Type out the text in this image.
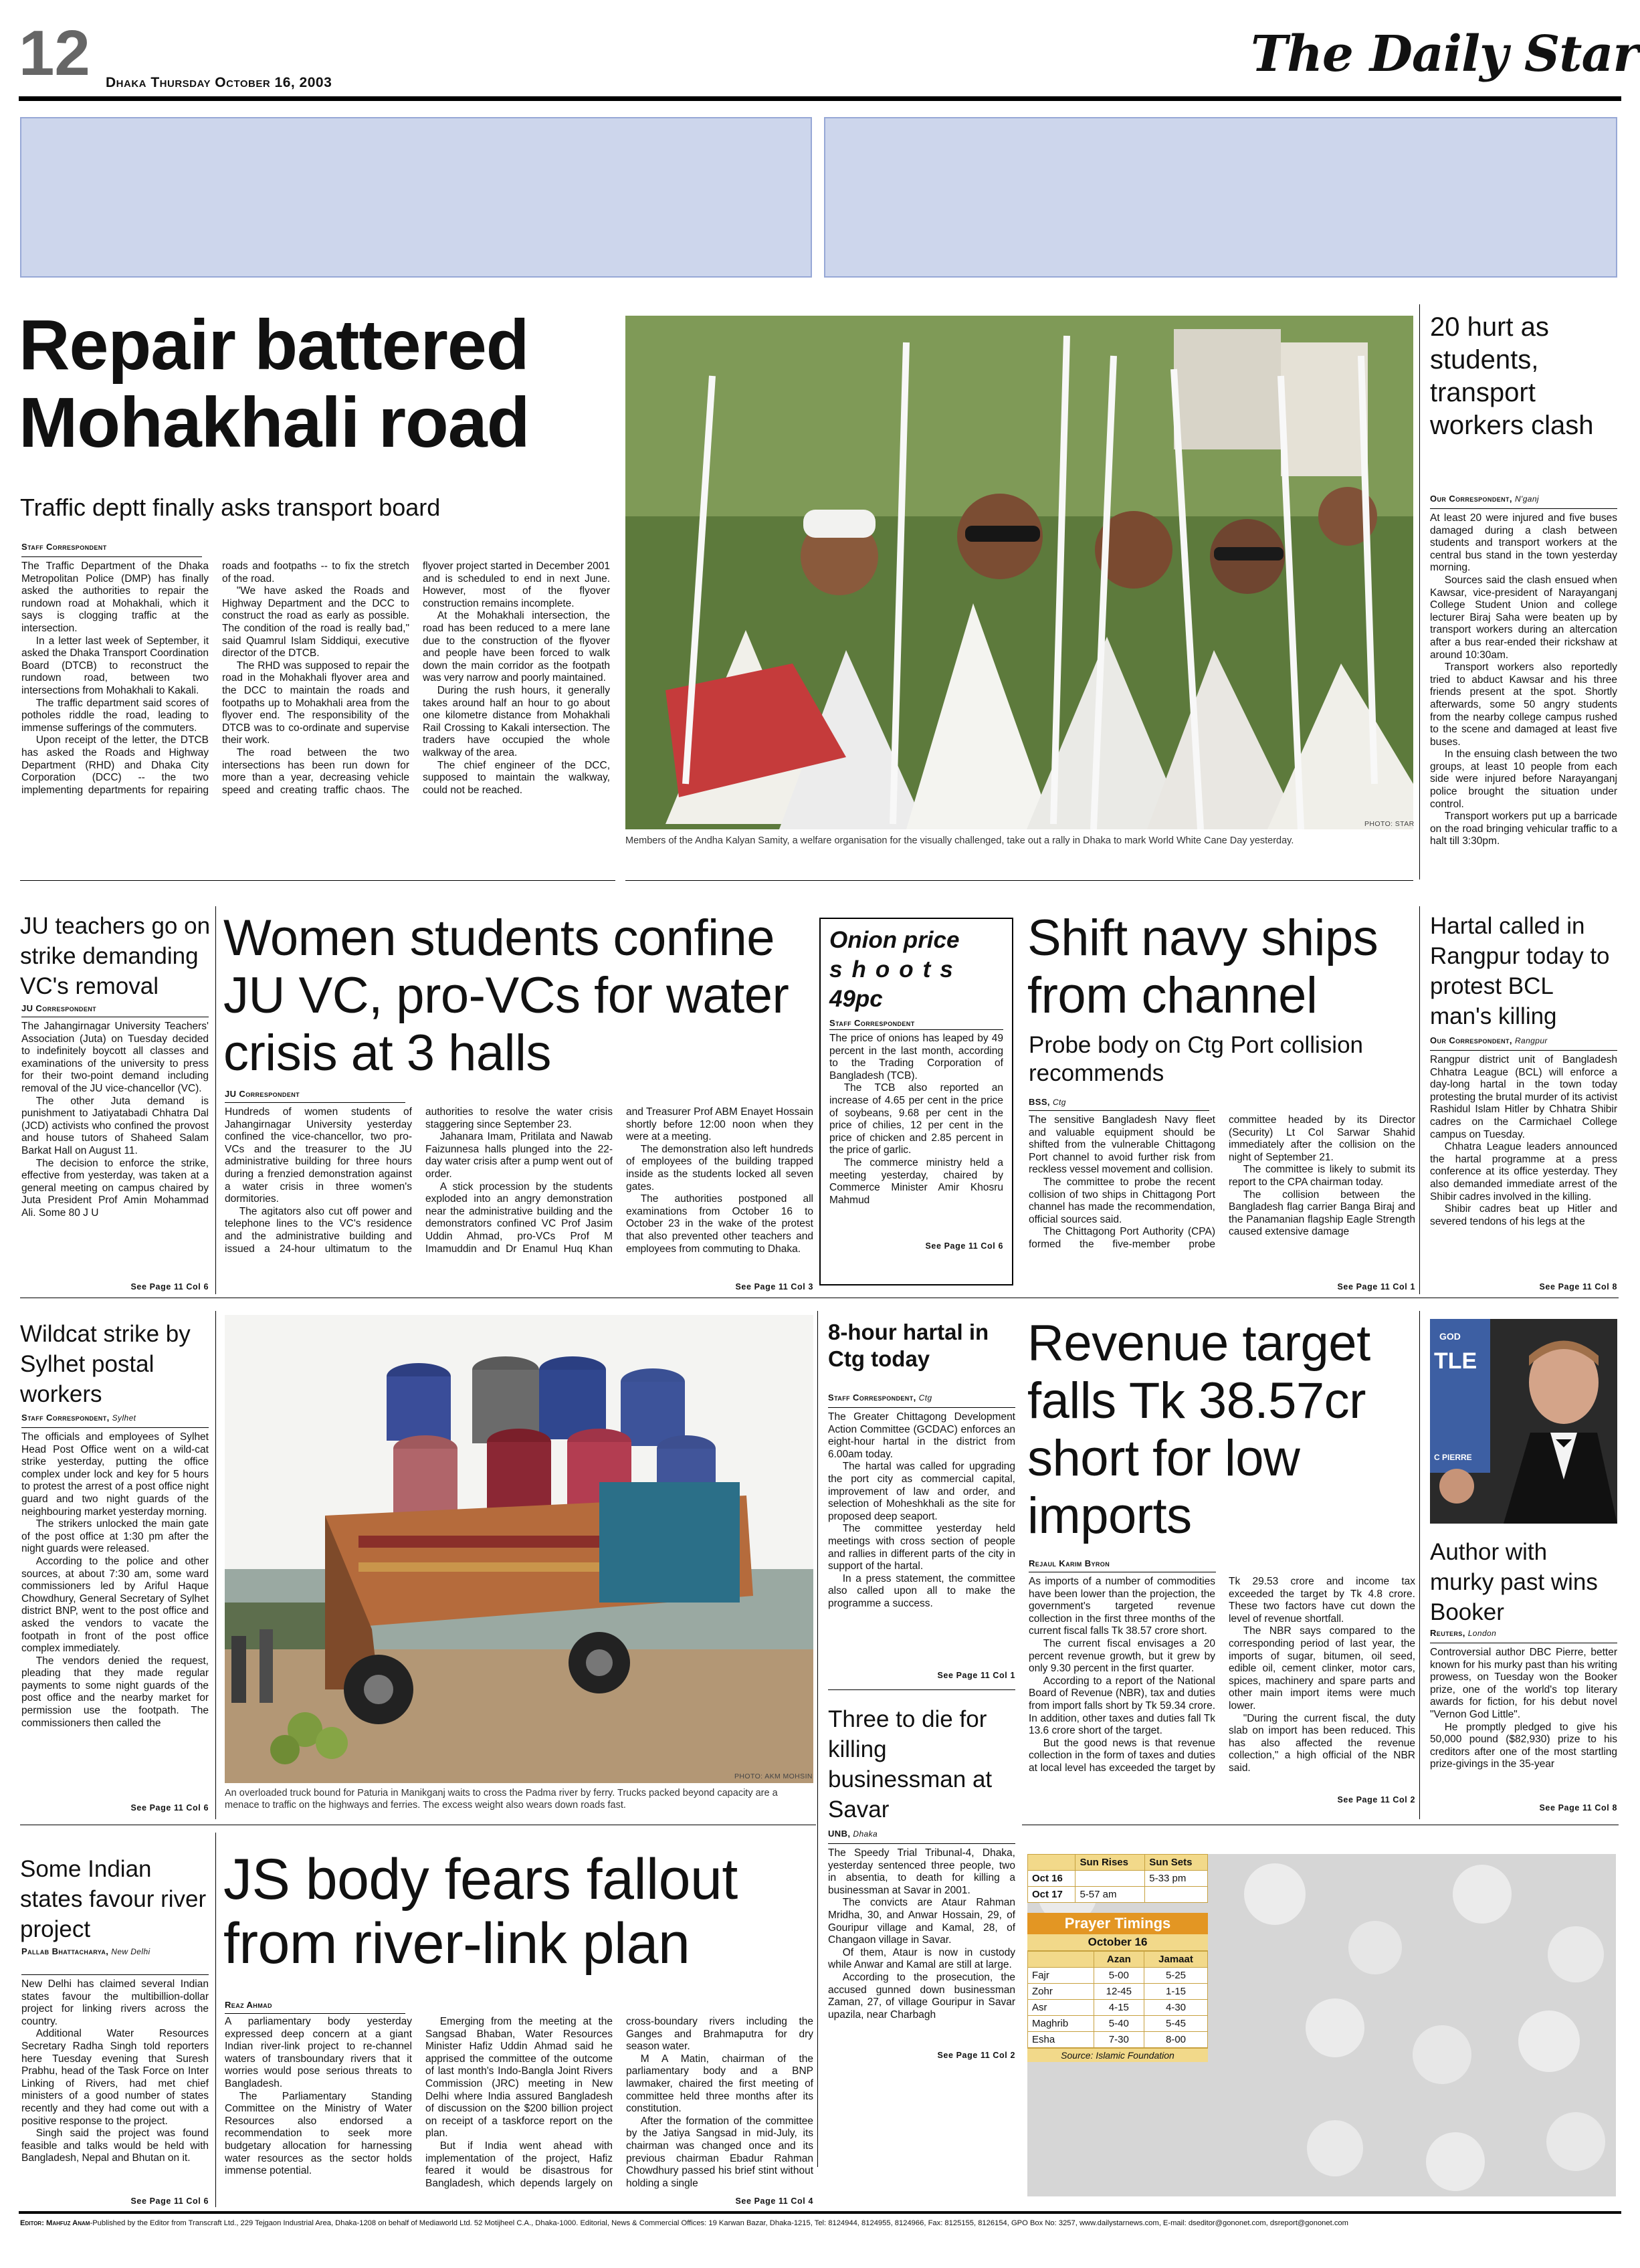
12 Dhaka Thursday October 16, 2003	The Daily Star
Repair battered
Mohakhali road
Traffic deptt finally asks transport board
Staff Correspondent

The Traffic Department of the Dhaka Metropolitan Police (DMP) has finally asked the authorities to repair the rundown road at Mohakhali, which it says is clogging traffic at the intersection.

In a letter last week of September, it asked the Dhaka Transport Coordination Board (DTCB) to reconstruct the rundown road, between two intersections from Mohakhali to Kakali.

The traffic department said scores of potholes riddle the road, leading to immense sufferings of the commuters.

Upon receipt of the letter, the DTCB has asked the Roads and Highway Department (RHD) and Dhaka City Corporation (DCC) -- the two implementing departments for repairing roads and footpaths -- to fix the stretch of the road.

"We have asked the Roads and Highway Department and the DCC to construct the road as early as possible. The condition of the road is really bad," said Quamrul Islam Siddiqui, executive director of the DTCB.

The RHD was supposed to repair the road in the Mohakhali flyover area and the DCC to maintain the roads and footpaths up to Mohakhali area from the flyover end. The responsibility of the DTCB was to co-ordinate and supervise their work.

The road between the two intersections has been run down for more than a year, decreasing vehicle speed and creating traffic chaos. The flyover project started in December 2001 and is scheduled to end in next June. However, most of the flyover construction remains incomplete.

At the Mohakhali intersection, the road has been reduced to a mere lane due to the construction of the flyover and people have been forced to walk down the main corridor as the footpath was very narrow and poorly maintained.

During the rush hours, it generally takes around half an hour to go about one kilometre distance from Mohakhali Rail Crossing to Kakali intersection. The traders have occupied the whole walkway of the area.

The chief engineer of the DCC, supposed to maintain the walkway, could not be reached.

PHOTO: STAR
Members of the Andha Kalyan Samity, a welfare organisation for the visually challenged, take out a rally in Dhaka to mark World White Cane Day yesterday.
20 hurt as students, transport workers clash
Our Correspondent, N'ganj

At least 20 were injured and five buses damaged during a clash between students and transport workers at the central bus stand in the town yesterday morning.

Sources said the clash ensued when Kawsar, vice-president of Narayanganj College Student Union and college lecturer Biraj Saha were beaten up by transport workers during an altercation after a bus rear-ended their rickshaw at around 10:30am.

Transport workers also reportedly tried to abduct Kawsar and his three friends present at the spot. Shortly afterwards, some 50 angry students from the nearby college campus rushed to the scene and damaged at least five buses.

In the ensuing clash between the two groups, at least 10 people from each side were injured before Narayanganj police brought the situation under control.

Transport workers put up a barricade on the road bringing vehicular traffic to a halt till 3:30pm.

JU teachers go on strike demanding VC's removal
JU Correspondent

The Jahangirnagar University Teachers' Association (Juta) on Tuesday decided to indefinitely boycott all classes and examinations of the university to press for their two-point demand including removal of the JU vice-chancellor (VC).

The other Juta demand is punishment to Jatiyatabadi Chhatra Dal (JCD) activists who confined the provost and house tutors of Shaheed Salam Barkat Hall on August 11.

The decision to enforce the strike, effective from yesterday, was taken at a general meeting on campus chaired by Juta President Prof Amin Mohammad Ali. Some 80 J U

See Page 11 Col 6
Women students confine JU VC, pro-VCs for water crisis at 3 halls
JU Correspondent

Hundreds of women students of Jahangirnagar University yesterday confined the vice-chancellor, two pro-VCs and the treasurer to the JU administrative building for three hours during a frenzied demonstration against a water crisis in three women's dormitories.

The agitators also cut off power and telephone lines to the VC's residence and the administrative building and issued a 24-hour ultimatum to the authorities to resolve the water crisis staggering since September 23.

Jahanara Imam, Pritilata and Nawab Faizunnesa halls plunged into the 22-day water crisis after a pump went out of order.

A stick procession by the students exploded into an angry demonstration near the administrative building and the demonstrators confined VC Prof Jasim Uddin Ahmad, pro-VCs Prof M Imamuddin and Dr Enamul Huq Khan and Treasurer Prof ABM Enayet Hossain shortly before 12:00 noon when they were at a meeting.

The demonstration also left hundreds of employees of the building trapped inside as the students locked all seven gates.

The authorities postponed all examinations from October 16 to October 23 in the wake of the protest that also prevented other teachers and employees from commuting to Dhaka.

See Page 11 Col 3
Onion price
shoots
49pc
Staff Correspondent

The price of onions has leaped by 49 percent in the last month, according to the Trading Corporation of Bangladesh (TCB).

The TCB also reported an increase of 4.65 per cent in the price of soybeans, 9.68 per cent in the price of chilies, 12 per cent in the price of chicken and 2.85 percent in the price of garlic.

The commerce ministry held a meeting yesterday, chaired by Commerce Minister Amir Khosru Mahmud

See Page 11 Col 6
Shift navy ships from channel
Probe body on Ctg Port collision recommends
BSS, Ctg

The sensitive Bangladesh Navy fleet and valuable equipment should be shifted from the vulnerable Chittagong Port channel to avoid further risk from reckless vessel movement and collision.

The committee to probe the recent collision of two ships in Chittagong Port channel has made the recommendation, official sources said.

The Chittagong Port Authority (CPA) formed the five-member probe committee headed by its Director (Security) Lt Col Sarwar Shahid immediately after the collision on the night of September 21.

The committee is likely to submit its report to the CPA chairman today.

The collision between the Bangladesh flag carrier Banga Biraj and the Panamanian flagship Eagle Strength caused extensive damage

See Page 11 Col 1
Hartal called in Rangpur today to protest BCL man's killing
Our Correspondent, Rangpur

Rangpur district unit of Bangladesh Chhatra League (BCL) will enforce a day-long hartal in the town today protesting the brutal murder of its activist Rashidul Islam Hitler by Chhatra Shibir cadres on the Carmichael College campus on Tuesday.

Chhatra League leaders announced the hartal programme at a press conference at its office yesterday. They also demanded immediate arrest of the Shibir cadres involved in the killing.

Shibir cadres beat up Hitler and severed tendons of his legs at the

See Page 11 Col 8
Wildcat strike by Sylhet postal workers
Staff Correspondent, Sylhet

The officials and employees of Sylhet Head Post Office went on a wild-cat strike yesterday, putting the office complex under lock and key for 5 hours to protest the arrest of a post office night guard and two night guards of the neighbouring market yesterday morning.

The strikers unlocked the main gate of the post office at 1:30 pm after the night guards were released.

According to the police and other sources, at about 7:30 am, some ward commissioners led by Ariful Haque Chowdhury, General Secretary of Sylhet district BNP, went to the post office and asked the vendors to vacate the footpath in front of the post office complex immediately.

The vendors denied the request, pleading that they made regular payments to some night guards of the post office and the nearby market for permission use the footpath. The commissioners then called the

See Page 11 Col 6
PHOTO: AKM MOHSIN
An overloaded truck bound for Paturia in Manikganj waits to cross the Padma river by ferry. Trucks packed beyond capacity are a menace to traffic on the highways and ferries. The excess weight also wears down roads fast.
8-hour hartal in Ctg today
Staff Correspondent, Ctg

The Greater Chittagong Development Action Committee (GCDAC) enforces an eight-hour hartal in the district from 6.00am today.

The hartal was called for upgrading the port city as commercial capital, improvement of law and order, and selection of Moheshkhali as the site for proposed deep seaport.

The committee yesterday held meetings with cross section of people and rallies in different parts of the city in support of the hartal.

In a press statement, the committee also called upon all to make the programme a success.

See Page 11 Col 1
Three to die for killing businessman at Savar
UNB, Dhaka

The Speedy Trial Tribunal-4, Dhaka, yesterday sentenced three people, two in absentia, to death for killing a businessman at Savar in 2001.

The convicts are Ataur Rahman Mridha, 30, and Anwar Hossain, 29, of Gouripur village and Kamal, 28, of Changaon village in Savar.

Of them, Ataur is now in custody while Anwar and Kamal are still at large.

According to the prosecution, the accused gunned down businessman Zaman, 27, of village Gouripur in Savar upazila, near Charbagh

See Page 11 Col 2
Revenue target falls Tk 38.57cr short for low imports
Rejaul Karim Byron

As imports of a number of commodities have been lower than the projection, the government's targeted revenue collection in the first three months of the current fiscal falls Tk 38.57 crore short.

The current fiscal envisages a 20 percent revenue growth, but it grew by only 9.30 percent in the first quarter.

According to a report of the National Board of Revenue (NBR), tax and duties from import falls short by Tk 59.34 crore. In addition, other taxes and duties fall Tk 13.6 crore short of the target.

But the good news is that revenue collection in the form of taxes and duties at local level has exceeded the target by Tk 29.53 crore and income tax exceeded the target by Tk 4.8 crore. These two factors have cut down the level of revenue shortfall.

The NBR says compared to the corresponding period of last year, the imports of sugar, bitumen, oil seed, edible oil, cement clinker, motor cars, spices, machinery and spare parts and other main import items were much lower.

"During the current fiscal, the duty slab on import has been reduced. This has also affected the revenue collection," a high official of the NBR said.

See Page 11 Col 2
GOD
TLE
C PIERRE
Author with murky past wins Booker
Reuters, London

Controversial author DBC Pierre, better known for his murky past than his writing prowess, on Tuesday won the Booker prize, one of the world's top literary awards for fiction, for his debut novel "Vernon God Little".

He promptly pledged to give his 50,000 pound ($82,930) prize to his creditors after one of the most startling prize-givings in the 35-year

See Page 11 Col 8
Some Indian states favour river project
Pallab Bhattacharya, New Delhi

New Delhi has claimed several Indian states favour the multibillion-dollar project for linking rivers across the country.

Additional Water Resources Secretary Radha Singh told reporters here Tuesday evening that Suresh Prabhu, head of the Task Force on Inter Linking of Rivers, had met chief ministers of a good number of states recently and they had come out with a positive response to the project.

Singh said the project was found feasible and talks would be held with Bangladesh, Nepal and Bhutan on it.

See Page 11 Col 6
JS body fears fallout from river-link plan
Reaz Ahmad

A parliamentary body yesterday expressed deep concern at a giant Indian river-link project to re-channel waters of transboundary rivers that it worries would pose serious threats to Bangladesh.

The Parliamentary Standing Committee on the Ministry of Water Resources also endorsed a recommendation to seek more budgetary allocation for harnessing water resources as the sector holds immense potential.

Emerging from the meeting at the Sangsad Bhaban, Water Resources Minister Hafiz Uddin Ahmad said he apprised the committee of the outcome of last month's Indo-Bangla Joint Rivers Commission (JRC) meeting in New Delhi where India assured Bangladesh of discussion on the $200 billion project on receipt of a taskforce report on the plan.

But if India went ahead with implementation of the project, Hafiz feared it would be disastrous for Bangladesh, which depends largely on cross-boundary rivers including the Ganges and Brahmaputra for dry season water.

M A Matin, chairman of the parliamentary body and a BNP lawmaker, chaired the first meeting of committee held three months after its constitution.

After the formation of the committee by the Jatiya Sangsad in mid-July, its chairman was changed once and its previous chairman Ebadur Rahman Chowdhury passed his brief stint without holding a single

See Page 11 Col 4
	Sun Rises	Sun Sets
Oct 16		5-33 pm
Oct 17	5-57 am	
Prayer Timings
October 16
	Azan	Jamaat
Fajr	5-00	5-25
Zohr	12-45	1-15
Asr	4-15	4-30
Maghrib	5-40	5-45
Esha	7-30	8-00
Source: Islamic Foundation
Editor: Mahfuz Anam-Published by the Editor from Transcraft Ltd., 229 Tejgaon Industrial Area, Dhaka-1208 on behalf of Mediaworld Ltd. 52 Motijheel C.A., Dhaka-1000. Editorial, News & Commercial Offices: 19 Karwan Bazar, Dhaka-1215, Tel: 8124944, 8124955, 8124966, Fax: 8125155, 8126154, GPO Box No: 3257, www.dailystarnews.com, E-mail: dseditor@gononet.com, dsreport@gononet.com
